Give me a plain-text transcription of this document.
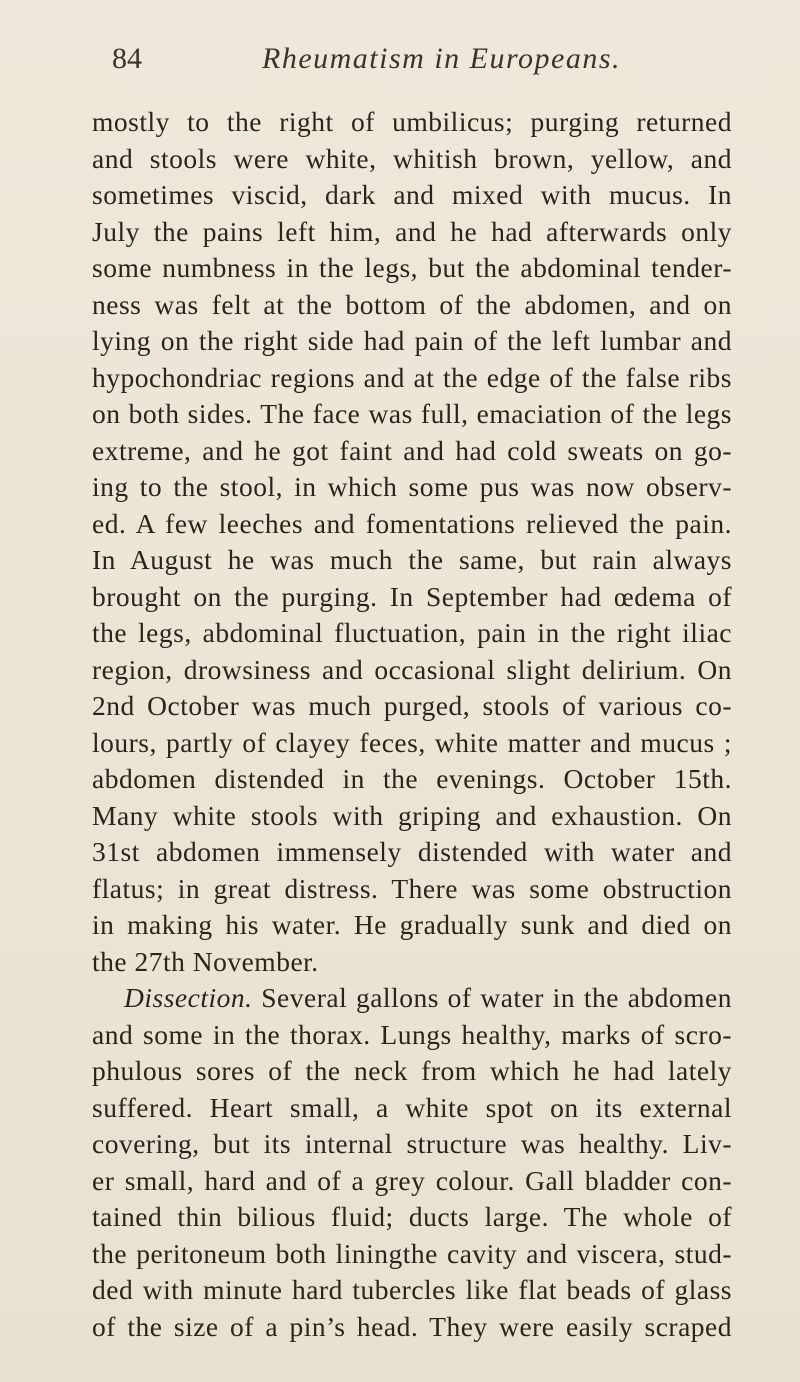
84	Rheumatism in Europeans.
mostly to the right of umbilicus; purging returned
and stools were white, whitish brown, yellow, and
sometimes viscid, dark and mixed with mucus. In
July the pains left him, and he had afterwards only
some numbness in the legs, but the abdominal tender-
ness was felt at the bottom of the abdomen, and on
lying on the right side had pain of the left lumbar and
hypochondriac regions and at the edge of the false ribs
on both sides. The face was full, emaciation of the legs
extreme, and he got faint and had cold sweats on go-
ing to the stool, in which some pus was now observ-
ed. A few leeches and fomentations relieved the pain.
In August he was much the same, but rain always
brought on the purging. In September had œdema of
the legs, abdominal fluctuation, pain in the right iliac
region, drowsiness and occasional slight delirium. On
2nd October was much purged, stools of various co-
lours, partly of clayey feces, white matter and mucus ;
abdomen distended in the evenings. October 15th.
Many white stools with griping and exhaustion. On
31st abdomen immensely distended with water and
flatus; in great distress. There was some obstruction
in making his water. He gradually sunk and died on
the 27th November.
Dissection. Several gallons of water in the abdomen
and some in the thorax. Lungs healthy, marks of scro-
phulous sores of the neck from which he had lately
suffered. Heart small, a white spot on its external
covering, but its internal structure was healthy. Liv-
er small, hard and of a grey colour. Gall bladder con-
tained thin bilious fluid; ducts large. The whole of
the peritoneum both liningthe cavity and viscera, stud-
ded with minute hard tubercles like flat beads of glass
of the size of a pin’s head. They were easily scraped
